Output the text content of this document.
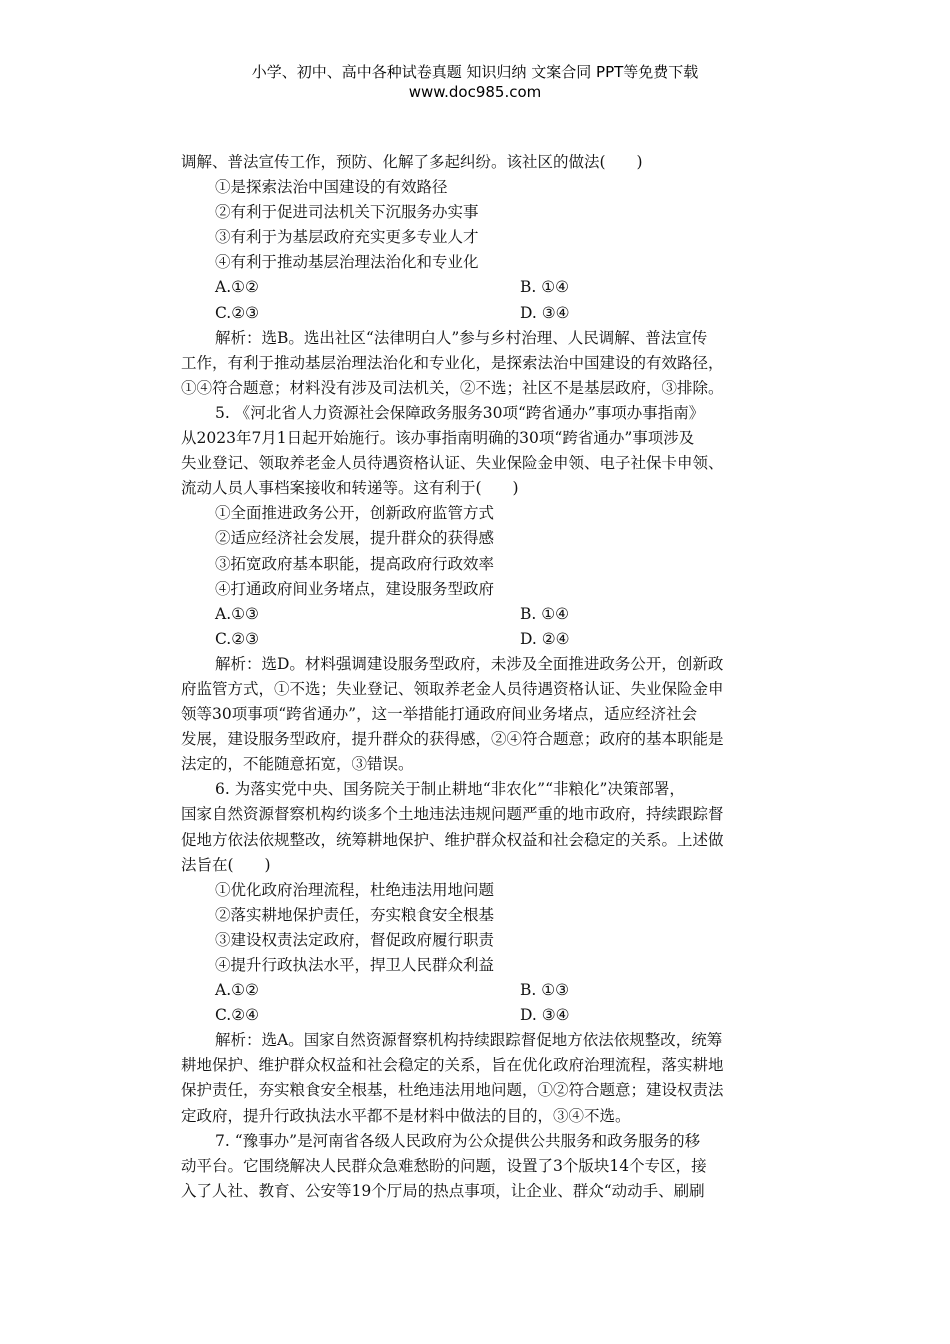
小学、初中、高中各种试卷真题 知识归纳 文案合同 PPT等免费下载
www.doc985.com
调解、普法宣传工作，预防、化解了多起纠纷。该社区的做法(　　)
①是探索法治中国建设的有效路径
②有利于促进司法机关下沉服务办实事
③有利于为基层政府充实更多专业人才
④有利于推动基层治理法治化和专业化
A.①②	B. ①④
C.②③	D. ③④
解析：选B。选出社区“法律明白人”参与乡村治理、人民调解、普法宣传
工作，有利于推动基层治理法治化和专业化，是探索法治中国建设的有效路径，
①④符合题意；材料没有涉及司法机关，②不选；社区不是基层政府，③排除。
5. 《河北省人力资源社会保障政务服务30项“跨省通办”事项办事指南》
从2023年7月1日起开始施行。该办事指南明确的30项“跨省通办”事项涉及
失业登记、领取养老金人员待遇资格认证、失业保险金申领、电子社保卡申领、
流动人员人事档案接收和转递等。这有利于(　　)
①全面推进政务公开，创新政府监管方式
②适应经济社会发展，提升群众的获得感
③拓宽政府基本职能，提高政府行政效率
④打通政府间业务堵点，建设服务型政府
A.①③	B. ①④
C.②③	D. ②④
解析：选D。材料强调建设服务型政府，未涉及全面推进政务公开，创新政
府监管方式，①不选；失业登记、领取养老金人员待遇资格认证、失业保险金申
领等30项事项“跨省通办”，这一举措能打通政府间业务堵点，适应经济社会
发展，建设服务型政府，提升群众的获得感，②④符合题意；政府的基本职能是
法定的，不能随意拓宽，③错误。
6. 为落实党中央、国务院关于制止耕地“非农化”“非粮化”决策部署，
国家自然资源督察机构约谈多个土地违法违规问题严重的地市政府，持续跟踪督
促地方依法依规整改，统筹耕地保护、维护群众权益和社会稳定的关系。上述做
法旨在(　　)
①优化政府治理流程，杜绝违法用地问题
②落实耕地保护责任，夯实粮食安全根基
③建设权责法定政府，督促政府履行职责
④提升行政执法水平，捍卫人民群众利益
A.①②	B. ①③
C.②④	D. ③④
解析：选A。国家自然资源督察机构持续跟踪督促地方依法依规整改，统筹
耕地保护、维护群众权益和社会稳定的关系，旨在优化政府治理流程，落实耕地
保护责任，夯实粮食安全根基，杜绝违法用地问题，①②符合题意；建设权责法
定政府，提升行政执法水平都不是材料中做法的目的，③④不选。
7. “豫事办”是河南省各级人民政府为公众提供公共服务和政务服务的移
动平台。它围绕解决人民群众急难愁盼的问题，设置了3个版块14个专区，接
入了人社、教育、公安等19个厅局的热点事项，让企业、群众“动动手、刷刷
